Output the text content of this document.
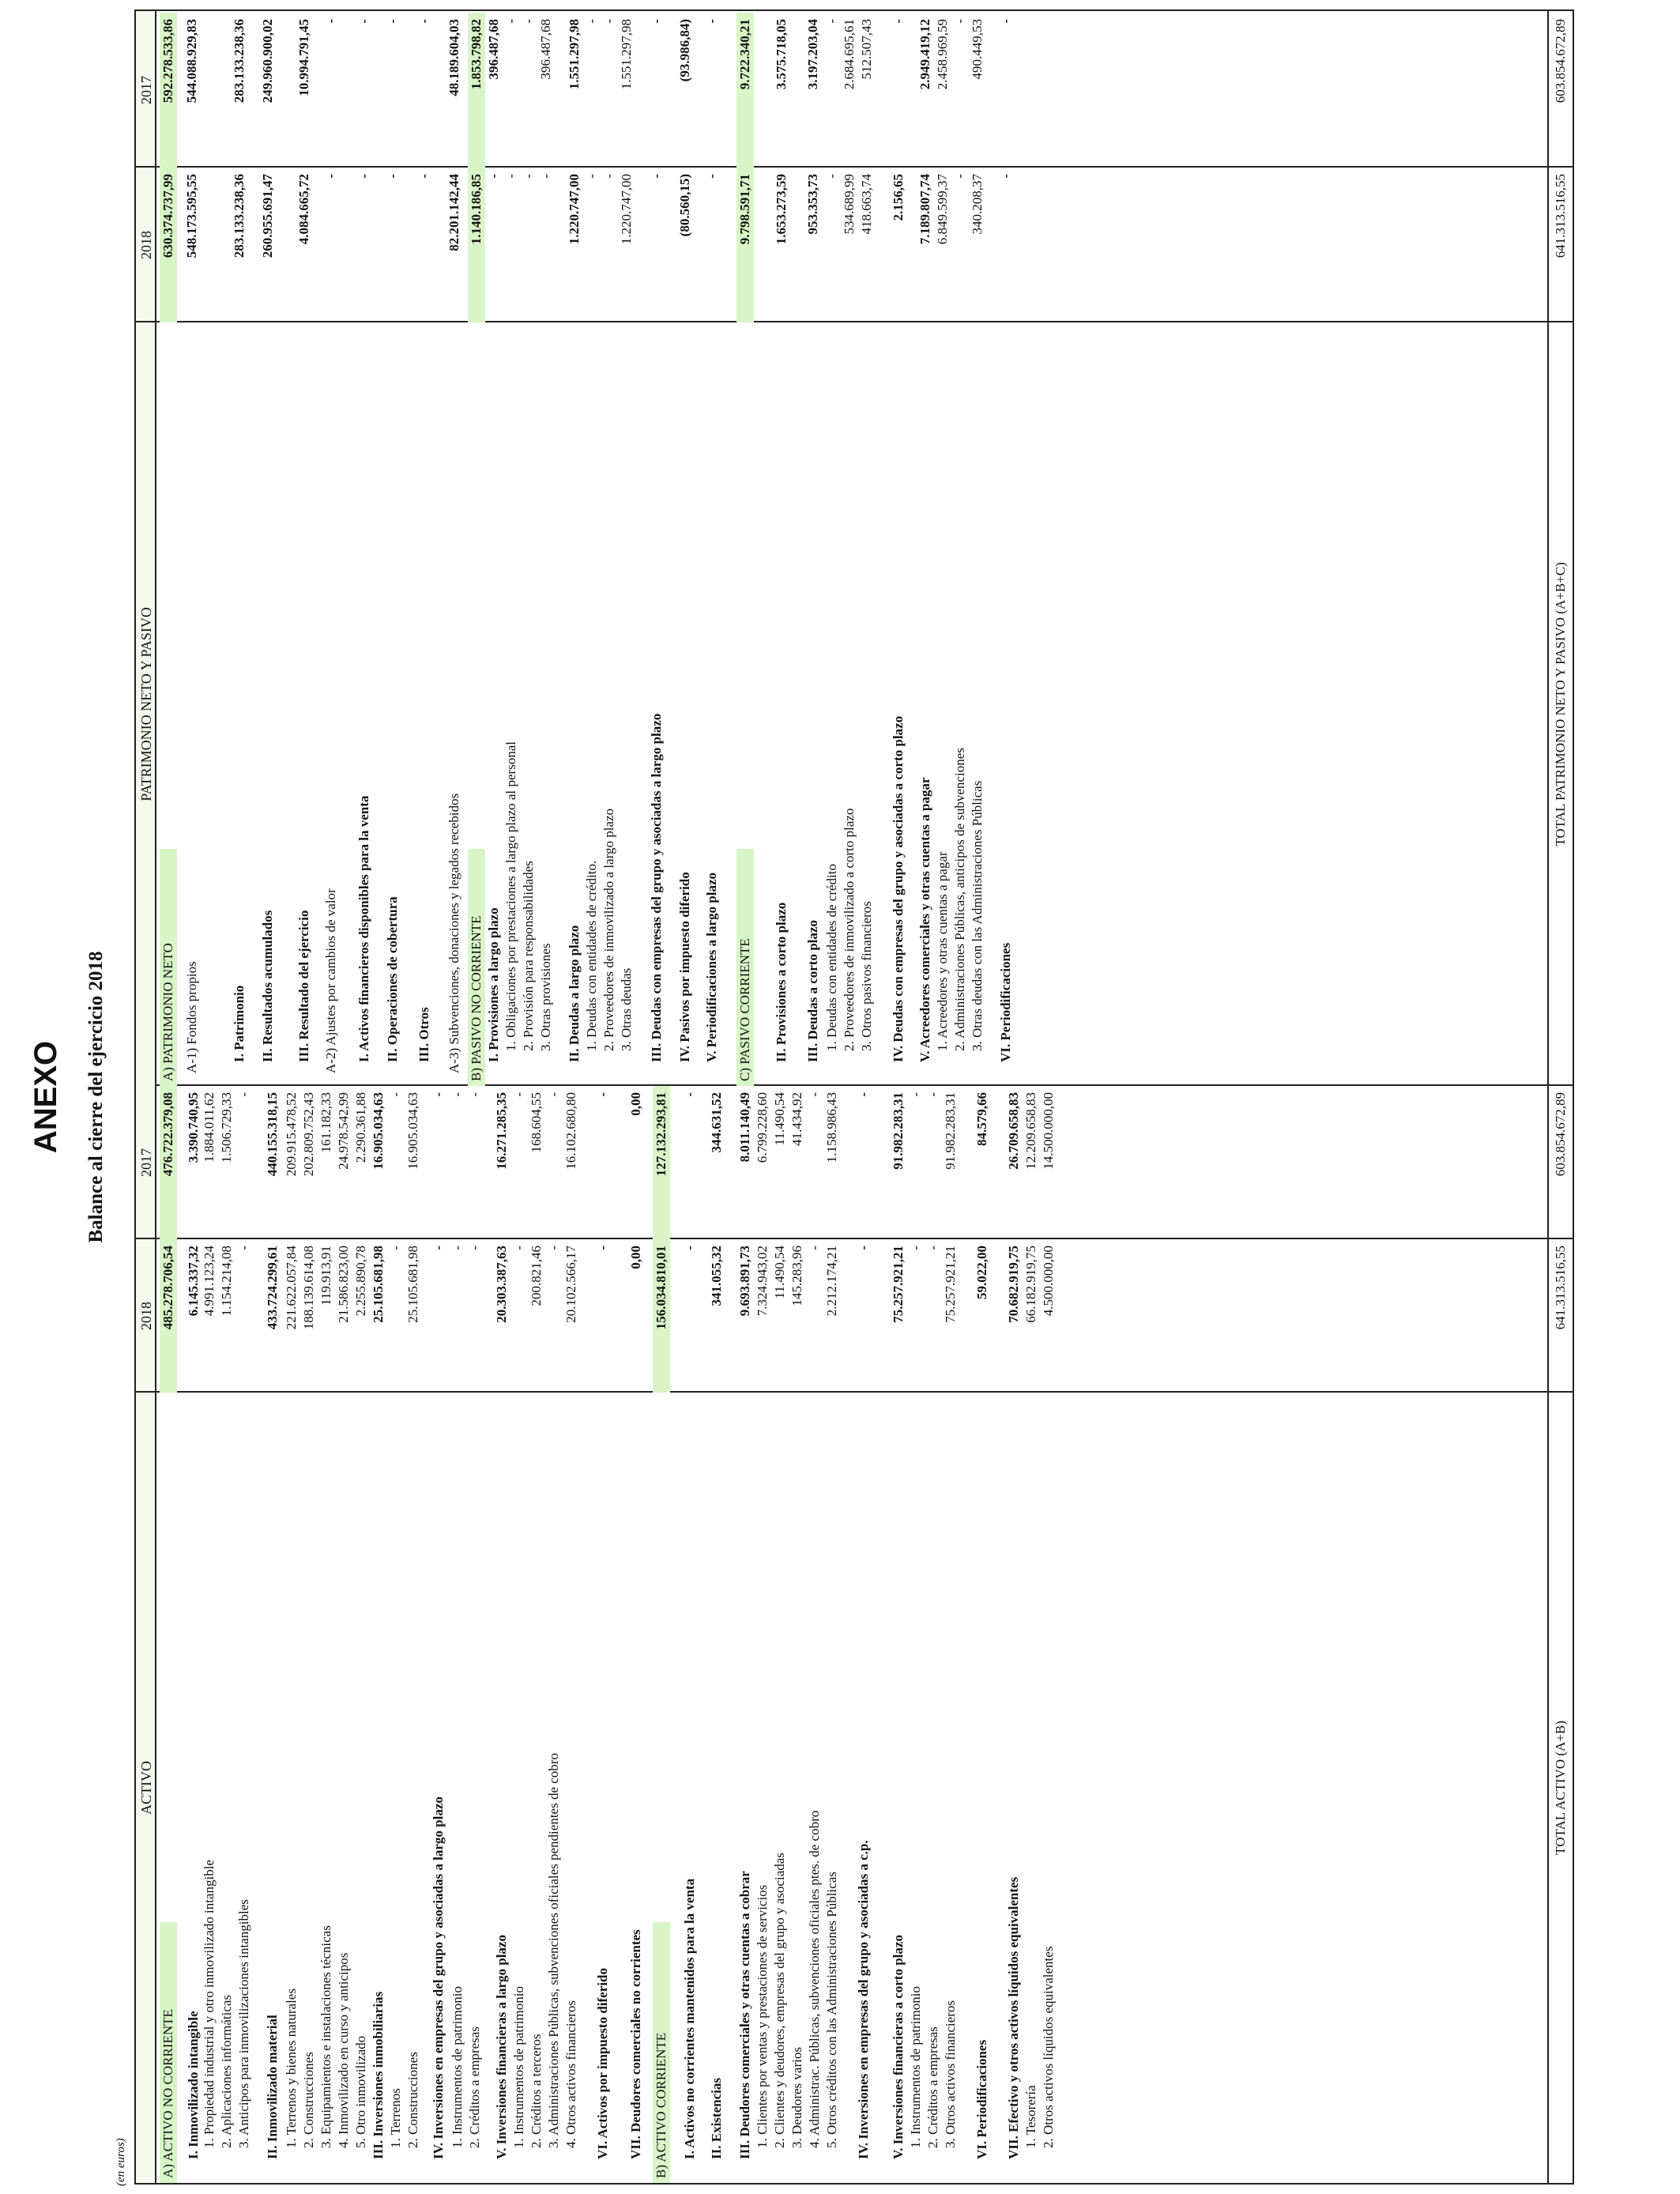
ANEXO Balance al cierre del ejercicio 2018
(en euros)
ACTIVO
2018
2017
A) ACTIVO NO CORRIENTE
485.278.706,54
476.722.379,08
I. Inmovilizado intangible
6.145.337,32
3.390.740,95
1. Propiedad industrial y otro inmovilizado intangible
4.991.123,24
1.884.011,62
2. Aplicaciones informáticas
1.154.214,08
1.506.729,33
3. Anticipos para inmovilizaciones intangibles
-
-
II. Inmovilizado material
433.724.299,61
440.155.318,15
1. Terrenos y bienes naturales
221.622.057,84
209.915.478,52
2. Construcciones
188.139.614,08
202.809.752,43
3. Equipamientos e instalaciones técnicas
119.913,91
161.182,33
4. Inmovilizado en curso y anticipos
21.586.823,00
24.978.542,99
5. Otro inmovilizado
2.255.890,78
2.290.361,88
III. Inversiones inmobiliarias
25.105.681,98
16.905.034,63
1. Terrenos
-
-
2. Construcciones
25.105.681,98
16.905.034,63
IV. Inversiones en empresas del grupo y asociadas a largo plazo
-
-
1. Instrumentos de patrimonio
-
-
2. Créditos a empresas
-
-
V. Inversiones financieras a largo plazo
20.303.387,63
16.271.285,35
1. Instrumentos de patrimonio
-
-
2. Créditos a terceros
200.821,46
168.604,55
3. Administraciones Públicas, subvenciones oficiales pendientes de cobro
-
-
4. Otros activos financieros
20.102.566,17
16.102.680,80
VI. Activos por impuesto diferido
-
-
VII. Deudores comerciales no corrientes
0,00
0,00
B) ACTIVO CORRIENTE
156.034.810,01
127.132.293,81
I. Activos no corrientes mantenidos para la venta
-
-
II. Existencias
341.055,32
344.631,52
III. Deudores comerciales y otras cuentas a cobrar
9.693.891,73
8.011.140,49
1. Clientes por ventas y prestaciones de servicios
7.324.943,02
6.799.228,60
2. Clientes y deudores, empresas del grupo y asociadas
11.490,54
11.490,54
3. Deudores varios
145.283,96
41.434,92
4. Administrac. Públicas, subvenciones oficiales ptes. de cobro
-
-
5. Otros créditos con las Administraciones Públicas
2.212.174,21
1.158.986,43
IV. Inversiones en empresas del grupo y asociadas a c.p.
-
-
V. Inversiones financieras a corto plazo
75.257.921,21
91.982.283,31
1. Instrumentos de patrimonio
-
-
2. Créditos a empresas
-
-
3. Otros activos financieros
75.257.921,21
91.982.283,31
VI. Periodificaciones
59.022,00
84.579,66
VII. Efectivo y otros activos líquidos equivalentes
70.682.919,75
26.709.658,83
1. Tesorería
66.182.919,75
12.209.658,83
2. Otros activos líquidos equivalentes
4.500.000,00
14.500.000,00
TOTAL ACTIVO (A+B)
641.313.516,55
603.854.672,89
PATRIMONIO NETO Y PASIVO
2018
2017
A) PATRIMONIO NETO
630.374.737,99
592.278.533,86
A-1) Fondos propios
548.173.595,55
544.088.929,83
I. Patrimonio
283.133.238,36
283.133.238,36
II. Resultados acumulados
260.955.691,47
249.960.900,02
III. Resultado del ejercicio
4.084.665,72
10.994.791,45
A-2) Ajustes por cambios de valor
-
-
I. Activos financieros disponibles para la venta
-
-
II. Operaciones de cobertura
-
-
III. Otros
-
-
A-3) Subvenciones, donaciones y legados recebidos
82.201.142,44
48.189.604,03
B) PASIVO NO CORRIENTE
1.140.186,85
1.853.798,82
I. Provisiones a largo plazo
-
396.487,68
1. Obligaciones por prestaciones a largo plazo al personal
-
-
2. Provisión para responsabilidades
-
-
3. Otras provisiones
-
396.487,68
II. Deudas a largo plazo
1.220.747,00
1.551.297,98
1. Deudas con entidades de crédito.
-
-
2. Proveedores de inmovilizado a largo plazo
-
-
3. Otras deudas
1.220.747,00
1.551.297,98
III. Deudas con empresas del grupo y asociadas a largo plazo
-
-
IV. Pasivos por impuesto diferido
(80.560,15)
(93.986,84)
V. Periodificaciones a largo plazo
-
-
C) PASIVO CORRIENTE
9.798.591,71
9.722.340,21
II. Provisiones a corto plazo
1.653.273,59
3.575.718,05
III. Deudas a corto plazo
953.353,73
3.197.203,04
1. Deudas con entidades de crédito
-
-
2. Proveedores de inmovilizado a corto plazo
534.689,99
2.684.695,61
3. Otros pasivos financieros
418.663,74
512.507,43
IV. Deudas con empresas del grupo y asociadas a corto plazo
2.156,65
-
V. Acreedores comerciales y otras cuentas a pagar
7.189.807,74
2.949.419,12
1. Acreedores y otras cuentas a pagar
6.849.599,37
2.458.969,59
2. Administraciones Públicas, anticipos de subvenciones
-
-
3. Otras deudas con las Administraciones Públicas
340.208,37
490.449,53
VI. Periodificaciones
-
-
TOTAL PATRIMONIO NETO Y PASIVO (A+B+C)
641.313.516,55
603.854.672,89
